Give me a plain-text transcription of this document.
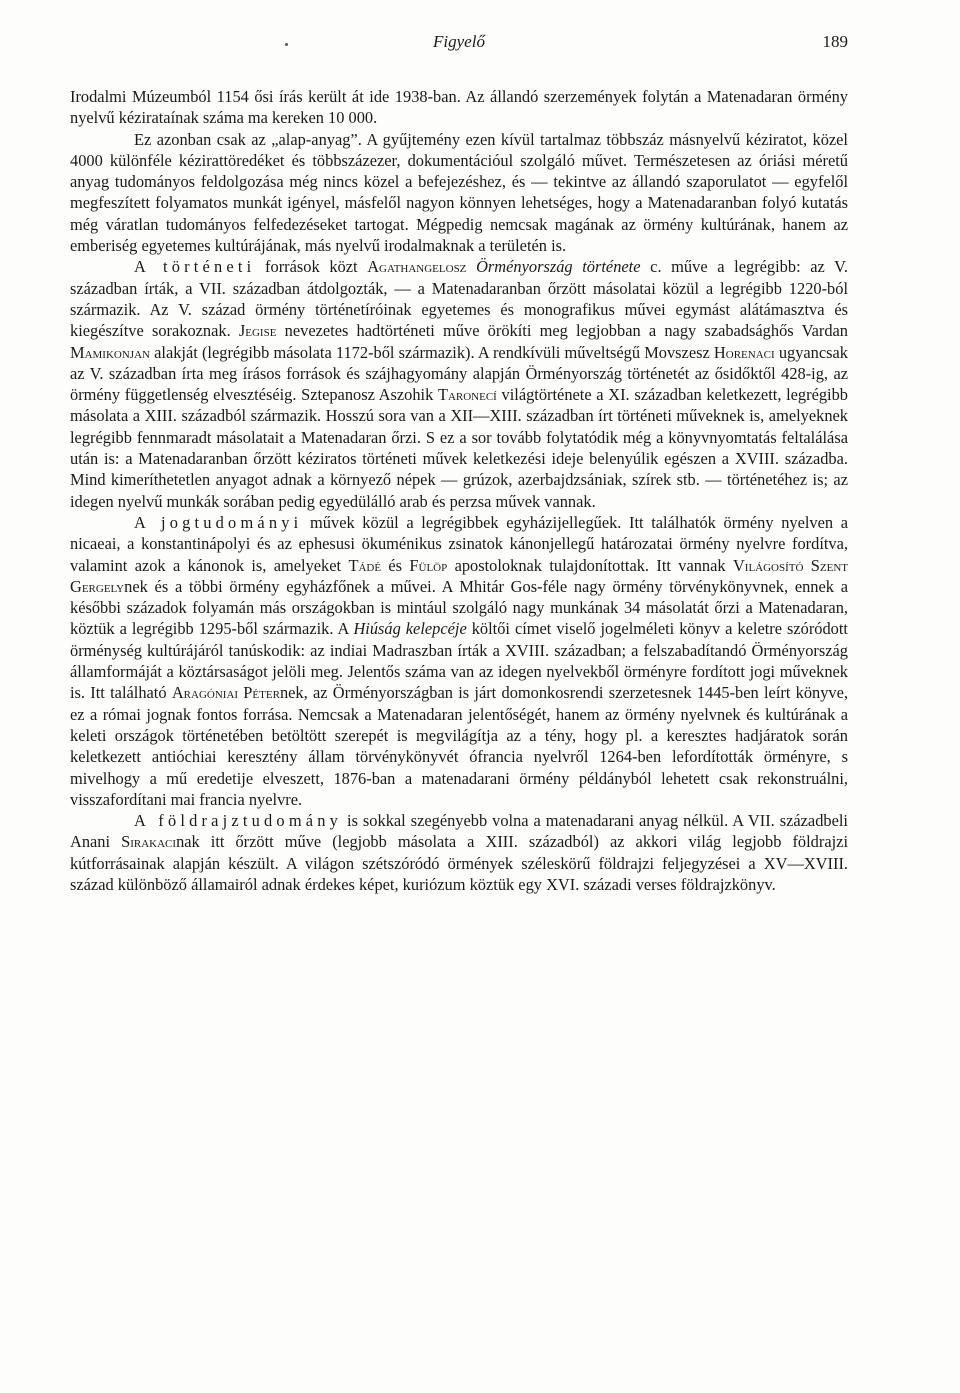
Figyelő	189

Irodalmi Múzeumból 1154 ősi írás került át ide 1938-ban. Az állandó szerzemények folytán a Matenadaran örmény nyelvű kézirataínak száma ma kereken 10 000.

Ez azonban csak az „alap-anyag”. A gyűjtemény ezen kívül tartalmaz többszáz másnyelvű kéziratot, közel 4000 különféle kézirattöredéket és többszázezer, dokumentációul szolgáló művet. Természetesen az óriási méretű anyag tudományos feldolgozása még nincs közel a befejezéshez, és — tekintve az állandó szaporulatot — egyfelől megfeszített folyamatos munkát igényel, másfelől nagyon könnyen lehetséges, hogy a Matenadaranban folyó kutatás még váratlan tudományos felfedezéseket tartogat. Mégpedig nemcsak magának az örmény kultúrának, hanem az emberiség egyetemes kultúrájának, más nyelvű irodalmaknak a területén is.

A történeti források közt Agathangelosz Örményország története c. műve a legrégibb: az V. században írták, a VII. században átdolgozták, — a Matenadaranban őrzött másolatai közül a legrégibb 1220-ból származik. Az V. század örmény történetíróinak egyetemes és monografikus művei egymást alátámasztva és kiegészítve sorakoznak. Jegise nevezetes hadtörténeti műve örökíti meg legjobban a nagy szabadsághős Vardan Mamikonjan alakját (legrégibb másolata 1172-ből származik). A rendkívüli műveltségű Movszesz Horenaci ugyancsak az V. században írta meg írásos források és szájhagyomány alapján Örményország történetét az ősidőktől 428-ig, az örmény függetlenség elvesztéséig. Sztepanosz Aszohik Taronecí világtörténete a XI. században keletkezett, legrégibb másolata a XIII. századból származik. Hosszú sora van a XII—XIII. században írt történeti műveknek is, amelyeknek legrégibb fennmaradt másolatait a Matenadaran őrzi. S ez a sor tovább folytatódik még a könyvnyomtatás feltalálása után is: a Matenadaranban őrzött kéziratos történeti művek keletkezési ideje belenyúlik egészen a XVIII. századba. Mind kimeríthetetlen anyagot adnak a környező népek — grúzok, azerbajdzsániak, szírek stb. — történetéhez is; az idegen nyelvű munkák sorában pedig egyedülálló arab és perzsa művek vannak.

A jogtudományi művek közül a legrégibbek egyházijellegűek. Itt találhatók örmény nyelven a nicaeai, a konstantinápolyi és az ephesusi ökuménikus zsinatok kánonjellegű határozatai örmény nyelvre fordítva, valamint azok a kánonok is, amelyeket Tádé és Fülöp apostoloknak tulajdonítottak. Itt vannak Világosító Szent Gergelynek és a többi örmény egyházfőnek a művei. A Mhitár Gos-féle nagy örmény törvénykönyvnek, ennek a későbbi századok folyamán más országokban is mintául szolgáló nagy munkának 34 másolatát őrzi a Matenadaran, köztük a legrégibb 1295-ből származik. A Hiúság kelepcéje költői címet viselő jogelméleti könyv a keletre szóródott örménység kultúrájáról tanúskodik: az indiai Madraszban írták a XVIII. században; a felszabadítandó Örményország államformáját a köztársaságot jelöli meg. Jelentős száma van az idegen nyelvekből örményre fordított jogi műveknek is. Itt található Aragóniai Péternek, az Örményországban is járt domonkosrendi szerzetesnek 1445-ben leírt könyve, ez a római jognak fontos forrása. Nemcsak a Matenadaran jelentőségét, hanem az örmény nyelvnek és kultúrának a keleti országok történetében betöltött szerepét is megvilágítja az a tény, hogy pl. a keresztes hadjáratok során keletkezett antióchiai keresztény állam törvénykönyvét ófrancia nyelvről 1264-ben lefordították örményre, s mivelhogy a mű eredetije elveszett, 1876-ban a matenadarani örmény példányból lehetett csak rekonstruálni, visszafordítani mai francia nyelvre.

A földrajztudomány is sokkal szegényebb volna a matenadarani anyag nélkül. A VII. századbeli Anani Sirakacinak itt őrzött műve (legjobb másolata a XIII. századból) az akkori világ legjobb földrajzi kútforrásainak alapján készült. A világon szétszóródó örmények széleskörű földrajzi feljegyzései a XV—XVIII. század különböző államairól adnak érdekes képet, kuriózum köztük egy XVI. századi verses földrajzkönyv.
